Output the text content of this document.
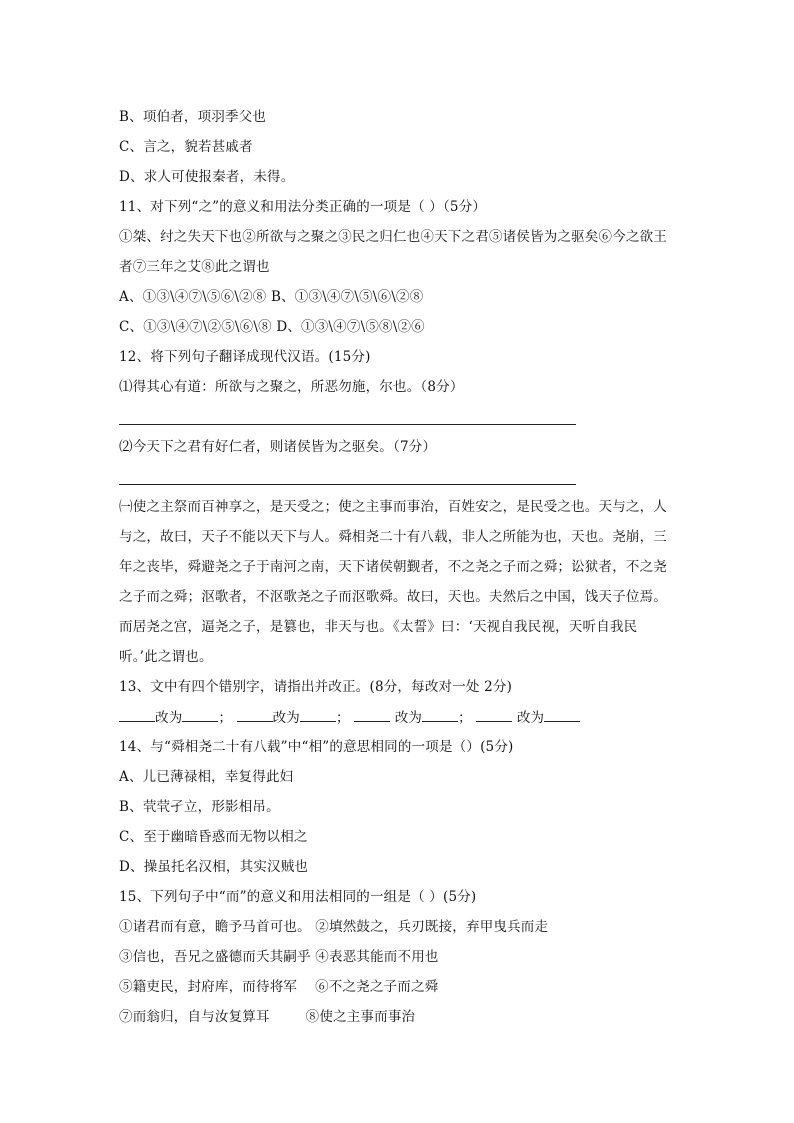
B、项伯者，项羽季父也
C、言之，貌若甚戚者
D、求人可使报秦者，未得。
11、对下列“之”的意义和用法分类正确的一项是（ ）（5分）
①桀、纣之失天下也②所欲与之聚之③民之归仁也④天下之君⑤诸侯皆为之驱矣⑥今之欲王
者⑦三年之艾⑧此之谓也
A、①③\④⑦\⑤⑥\②⑧ B、①③\④⑦\⑤\⑥\②⑧
C、①③\④⑦\②⑤\⑥\⑧ D、①③\④⑦\⑤⑧\②⑥
12、将下列句子翻译成现代汉语。(15分)
⑴得其心有道：所欲与之聚之，所恶勿施，尔也。（8分）
⑵今天下之君有好仁者，则诸侯皆为之驱矣。（7分）
㈠使之主祭而百神享之，是天受之；使之主事而事治，百姓安之，是民受之也。天与之，人
与之，故曰，天子不能以天下与人。舜相尧二十有八载，非人之所能为也，天也。尧崩，三
年之丧毕，舜避尧之子于南河之南，天下诸侯朝觐者，不之尧之子而之舜；讼狱者，不之尧
之子而之舜；沤歌者，不沤歌尧之子而沤歌舜。故曰，天也。夫然后之中国，饯天子位焉。
而居尧之宫，逼尧之子，是篡也，非天与也。《太誓》曰：‘天视自我民视，天听自我民
听。’此之谓也。
13、文中有四个错别字，请指出并改正。(8分，每改对一处 2分)
改为	；	改为	；	改为	；	改为
14、与“舜相尧二十有八载”中“相”的意思相同的一项是（）(5分)
A、儿已薄禄相，幸复得此妇
B、茕茕孑立，形影相吊。
C、至于幽暗昏惑而无物以相之
D、操虽托名汉相，其实汉贼也
15、下列句子中“而”的意义和用法相同的一组是（ ）(5分)
①诸君而有意，瞻予马首可也。 ②填然鼓之，兵刃既接，弃甲曳兵而走
③信也，吾兄之盛德而夭其嗣乎 ④表恶其能而不用也
⑤籍吏民，封府库，而待将军    ⑥不之尧之子而之舜
⑦而翁归，自与汝复算耳        ⑧使之主事而事治
